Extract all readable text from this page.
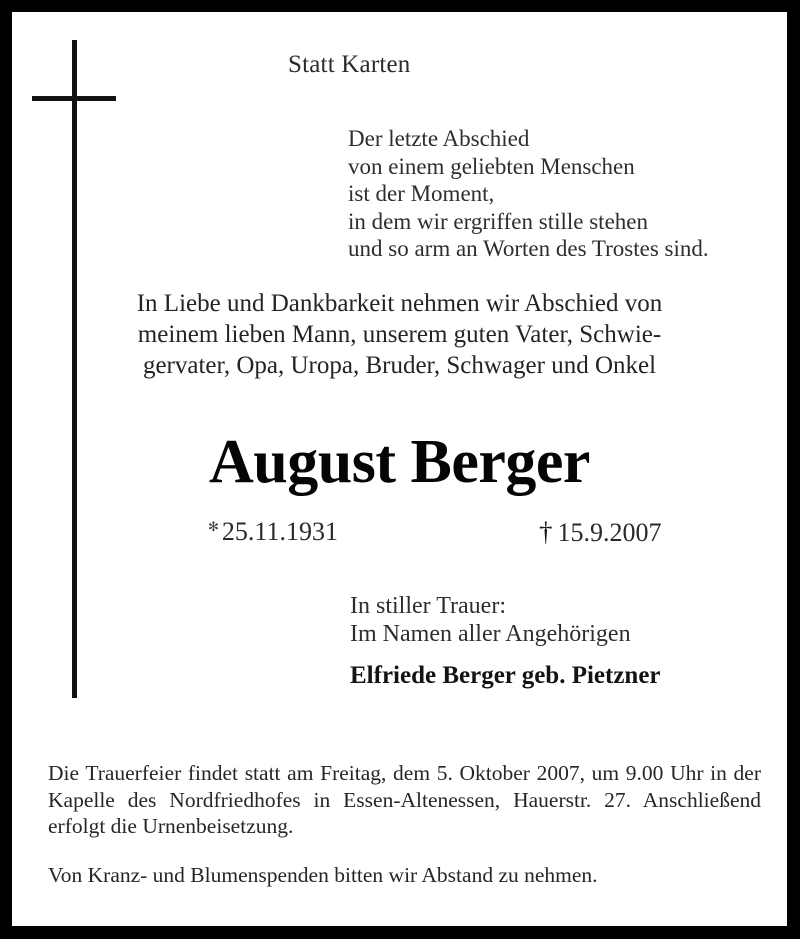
Statt Karten
Der letzte Abschied
von einem geliebten Menschen
ist der Moment,
in dem wir ergriffen stille stehen
und so arm an Worten des Trostes sind.
In Liebe und Dankbarkeit nehmen wir Abschied von
meinem lieben Mann, unserem guten Vater, Schwie-
gervater, Opa, Uropa, Bruder, Schwager und Onkel
August Berger
✻ 25.11.1931	† 15.9.2007
In stiller Trauer:
Im Namen aller Angehörigen
Elfriede Berger geb. Pietzner

Die Trauerfeier findet statt am Freitag, dem 5. Oktober 2007, um 9.00 Uhr in der Kapelle des Nordfriedhofes in Essen-Altenessen, Hauerstr. 27. Anschließend erfolgt die Urnenbeisetzung.

Von Kranz- und Blumenspenden bitten wir Abstand zu nehmen.
